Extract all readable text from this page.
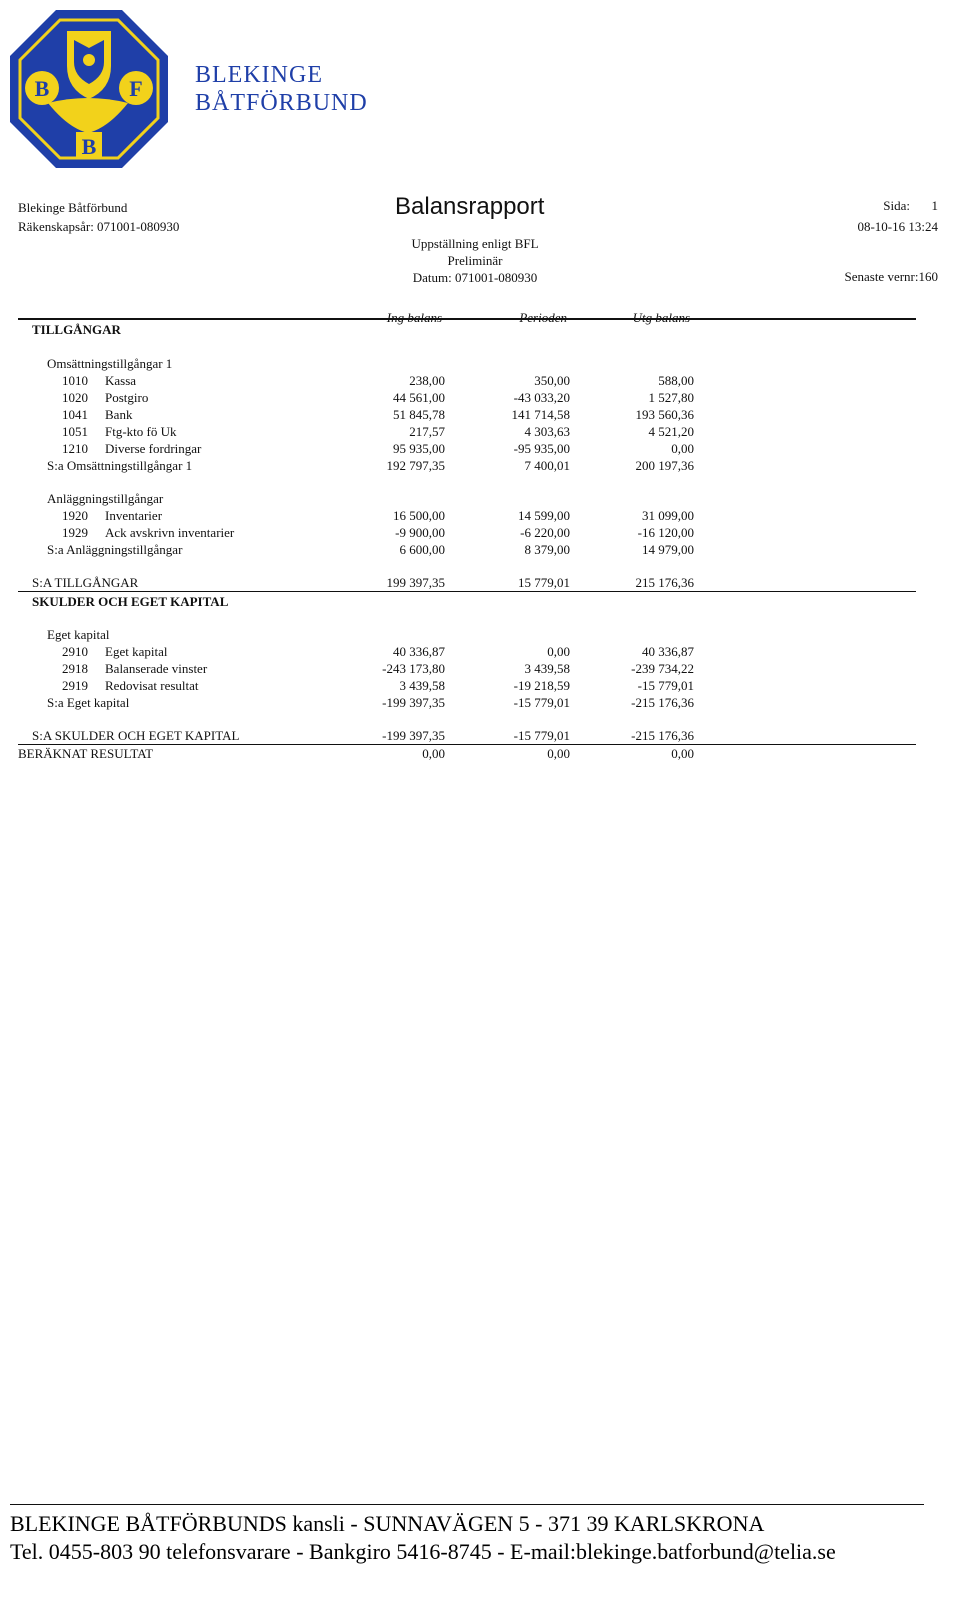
B	F
B
BLEKINGE
BÅTFÖRBUND
Blekinge Båtförbund
Räkenskapsår: 071001-080930
Balansrapport
Uppställning enligt BFL
Preliminär
Datum: 071001-080930
Sida: 1
08-10-16 13:24
Senaste vernr:160
TILLGÅNGAR
Omsättningstillgångar 1
1010 Kassa	238,00	350,00	588,00
1020 Postgiro	44 561,00	-43 033,20	1 527,80
1041 Bank	51 845,78	141 714,58	193 560,36
1051 Ftg-kto fö Uk	217,57	4 303,63	4 521,20
1210 Diverse fordringar	95 935,00	-95 935,00	0,00
S:a Omsättningstillgångar 1	192 797,35	7 400,01	200 197,36
Anläggningstillgångar
1920 Inventarier	16 500,00	14 599,00	31 099,00
1929 Ack avskrivn inventarier	-9 900,00	-6 220,00	-16 120,00
S:a Anläggningstillgångar	6 600,00	8 379,00	14 979,00
S:A TILLGÅNGAR	199 397,35	15 779,01	215 176,36
SKULDER OCH EGET KAPITAL
Eget kapital
2910 Eget kapital	40 336,87	0,00	40 336,87
2918 Balanserade vinster	-243 173,80	3 439,58	-239 734,22
2919 Redovisat resultat	3 439,58	-19 218,59	-15 779,01
S:a Eget kapital	-199 397,35	-15 779,01	-215 176,36
S:A SKULDER OCH EGET KAPITAL	-199 397,35	-15 779,01	-215 176,36
BERÄKNAT RESULTAT	0,00	0,00	0,00
BLEKINGE BÅTFÖRBUNDS kansli - SUNNAVÄGEN 5 - 371 39 KARLSKRONA
Tel. 0455-803 90 telefonsvarare - Bankgiro 5416-8745 - E-mail:blekinge.batforbund@telia.se
